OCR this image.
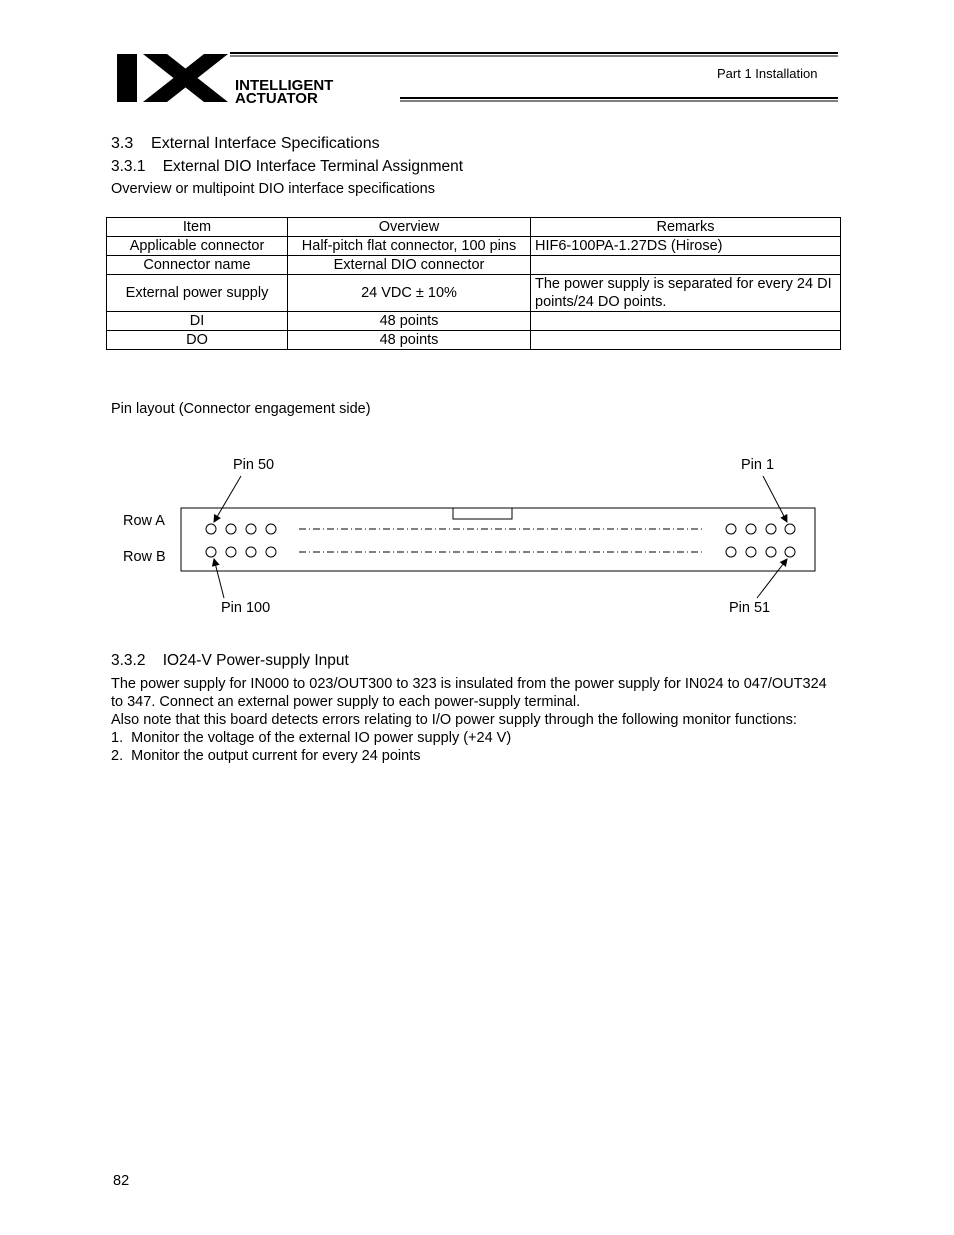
INTELLIGENT
ACTUATOR
Part 1 Installation
3.3    External Interface Specifications
3.3.1    External DIO Interface Terminal Assignment
Overview or multipoint DIO interface specifications
Item	Overview	Remarks
Applicable connector	Half-pitch flat connector, 100 pins	HIF6-100PA-1.27DS (Hirose)
Connector name	External DIO connector	
External power supply	24 VDC ± 10%	The power supply is separated for every 24 DI points/24 DO points.
DI	48 points	
DO	48 points	
Pin layout (Connector engagement side)
Pin 50	Pin 1
Pin 100	Pin 51
Row A
Row B
3.3.2    IO24-V Power-supply Input

The power supply for IN000 to 023/OUT300 to 323 is insulated from the power supply for IN024 to 047/OUT324 to 347. Connect an external power supply to each power-supply terminal.

Also note that this board detects errors relating to I/O power supply through the following monitor functions:

1.  Monitor the voltage of the external IO power supply (+24 V)

2.  Monitor the output current for every 24 points

82
